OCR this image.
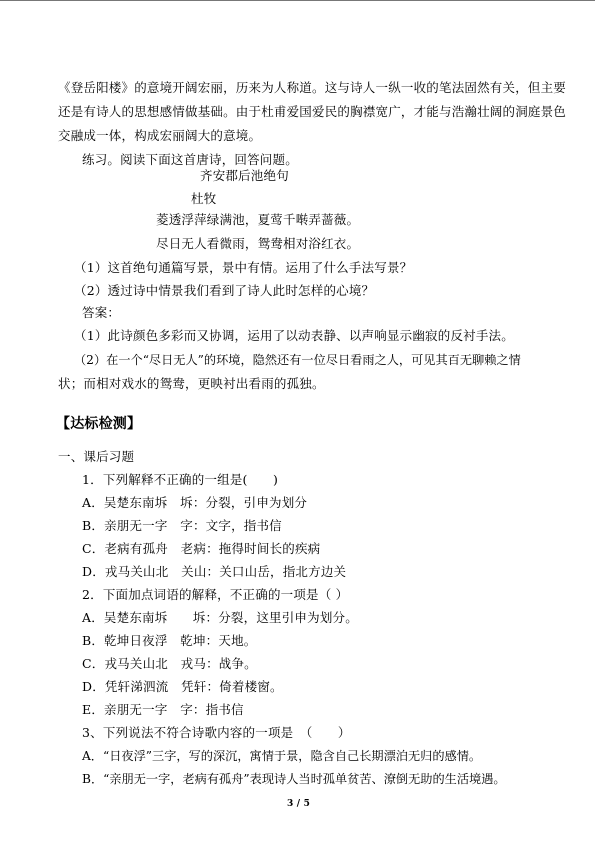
《登岳阳楼》的意境开阔宏丽，历来为人称道。这与诗人一纵一收的笔法固然有关，但主要
还是有诗人的思想感情做基础。由于杜甫爱国爱民的胸襟宽广，才能与浩瀚壮阔的洞庭景色
交融成一体，构成宏丽阔大的意境。
练习。阅读下面这首唐诗，回答问题。
齐安郡后池绝句
杜牧
菱透浮萍绿满池，夏莺千啭弄蔷薇。
尽日无人看微雨，鸳鸯相对浴红衣。
（1）这首绝句通篇写景，景中有情。运用了什么手法写景？
（2）透过诗中情景我们看到了诗人此时怎样的心境？
答案：
（1）此诗颜色多彩而又协调，运用了以动表静、以声响显示幽寂的反衬手法。
（2）在一个“尽日无人”的环境，隐然还有一位尽日看雨之人，可见其百无聊赖之情
状；而相对戏水的鸳鸯，更映衬出看雨的孤独。
【达标检测】
一、课后习题
1．下列解释不正确的一组是(　　)
A．吴楚东南坼　坼：分裂，引申为划分
B．亲朋无一字　字：文字，指书信
C．老病有孤舟　老病：拖得时间长的疾病
D．戎马关山北　关山：关口山岳，指北方边关
2．下面加点词语的解释，不正确的一项是（ ）
A．吴楚东南坼　　坼：分裂，这里引申为划分。
B．乾坤日夜浮　乾坤：天地。
C．戎马关山北　戎马：战争。
D．凭轩涕泗流　凭轩：倚着楼窗。
E．亲朋无一字　字：指书信
3、下列说法不符合诗歌内容的一项是　（　　）
A．“日夜浮”三字，写的深沉，寓情于景，隐含自己长期漂泊无归的感情。
B．“亲朋无一字，老病有孤舟”表现诗人当时孤单贫苦、潦倒无助的生活境遇。
3 / 5
